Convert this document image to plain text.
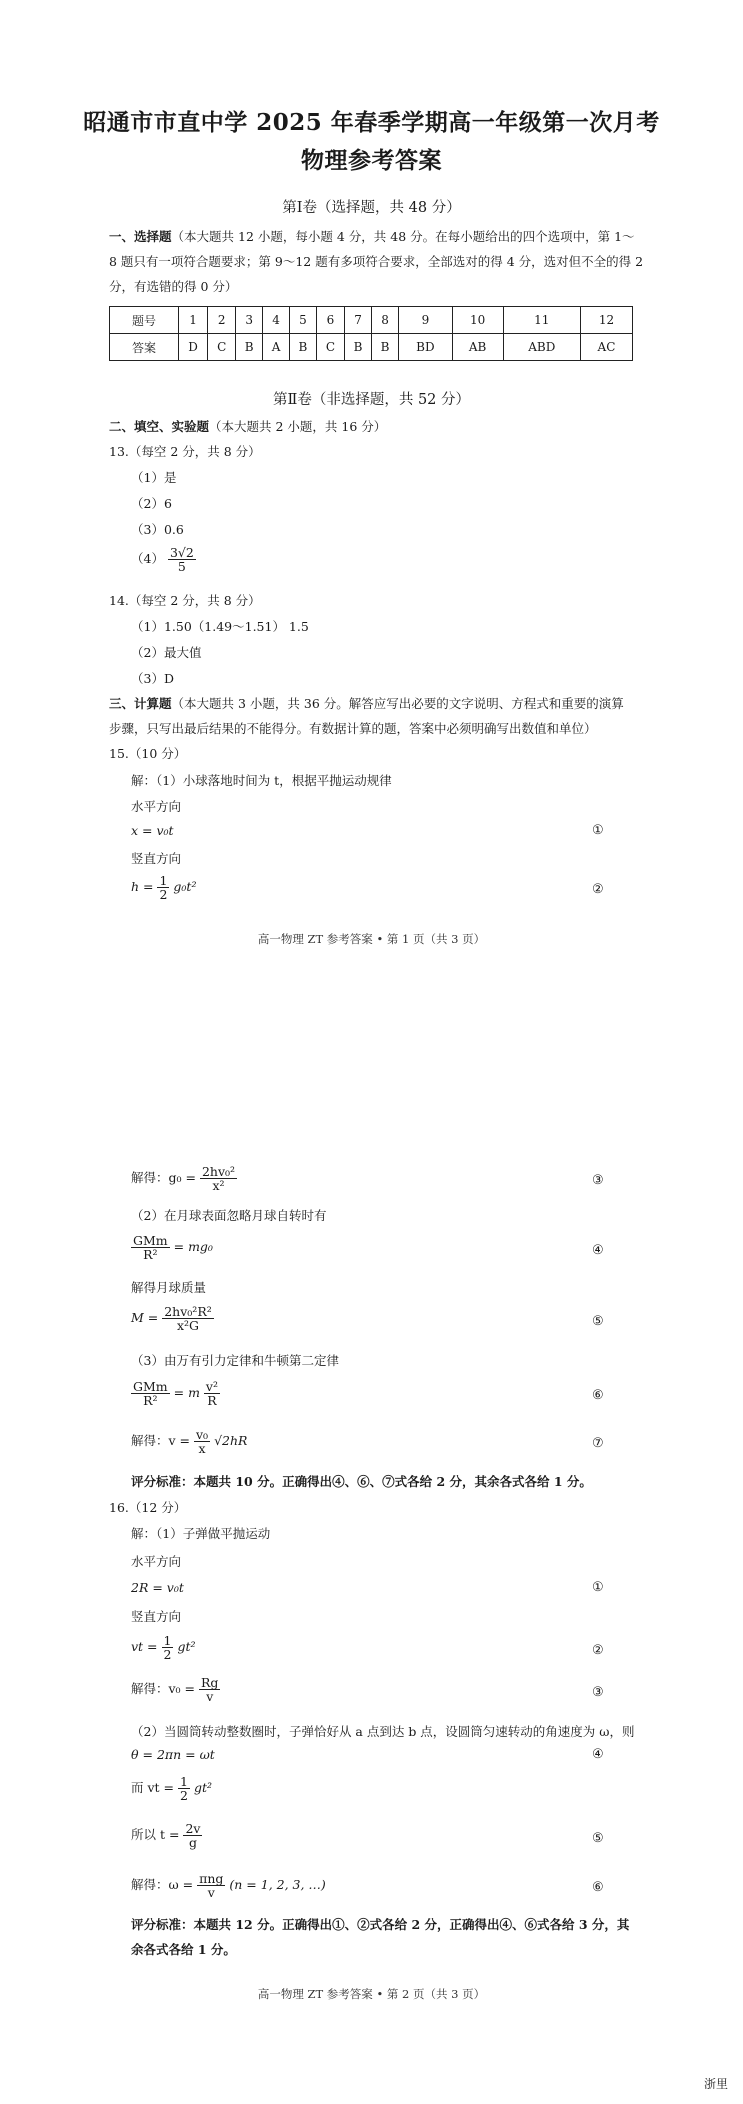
昭通市市直中学 2025 年春季学期高一年级第一次月考
物理参考答案
第Ⅰ卷（选择题，共 48 分）
一、选择题（本大题共 12 小题，每小题 4 分，共 48 分。在每小题给出的四个选项中，第 1～
8 题只有一项符合题要求；第 9～12 题有多项符合要求，全部选对的得 4 分，选对但不全的得 2
分，有选错的得 0 分）
题号	1	2	3	4	5	6	7	8	9	10	11	12
答案	D	C	B	A	B	C	B	B	BD	AB	ABD	AC
第Ⅱ卷（非选择题，共 52 分）
二、填空、实验题（本大题共 2 小题，共 16 分）
13.（每空 2 分，共 8 分）
（1）是
（2）6
（3）0.6
$(4) \frac{3√2}{5}$
14.（每空 2 分，共 8 分）
（1）1.50（1.49～1.51） 1.5
（2）最大值
（3）D
三、计算题（本大题共 3 小题，共 36 分。解答应写出必要的文字说明、方程式和重要的演算
步骤，只写出最后结果的不能得分。有数据计算的题，答案中必须明确写出数值和单位）
15.（10 分）
解：（1）小球落地时间为 t，根据平抛运动规律
水平方向
x = v₀t	①
竖直方向
$h = \frac{1}{2} g_0t^2$	②
高一物理 ZT 参考答案 • 第 1 页（共 3 页）
解得：$g_0 = \frac{\text{2hv₀²}}{\text{x²}}$	③
（2）在月球表面忽略月球自转时有
$\frac{\text{GMm}}{\text{R²}} = mg_0$	④
解得月球质量
$M = \frac{\text{2hv₀²R²}}{\text{x²G}}$	⑤
（3）由万有引力定律和牛顿第二定律
$\frac{\text{GMm}}{\text{R²}} = m \frac{\text{v²}}{R}$	⑥
解得：$v = \frac{\text{v₀}}{x} √2hR$	⑦
评分标准：本题共 10 分。正确得出④、⑥、⑦式各给 2 分，其余各式各给 1 分。
16.（12 分）
解：（1）子弹做平抛运动
水平方向
2R = v₀t	①
竖直方向
vt = $\frac{1}{2} gt^2$	②
解得：$v_0 = \frac{Rg}{v}$	③
（2）当圆筒转动整数圈时，子弹恰好从 a 点到达 b 点，设圆筒匀速转动的角速度为 ω，则
θ = 2πn = ωt	④
而 vt = $\frac{1}{2} gt^2$
所以 $t = \frac{2v}{g}$	⑤
解得：$\omega = \frac{\text{πng}}{v} (n = 1$, 2, 3, …)	⑥
评分标准：本题共 12 分。正确得出①、②式各给 2 分，正确得出④、⑥式各给 3 分，其
余各式各给 1 分。
高一物理 ZT 参考答案 • 第 2 页（共 3 页）
浙里
